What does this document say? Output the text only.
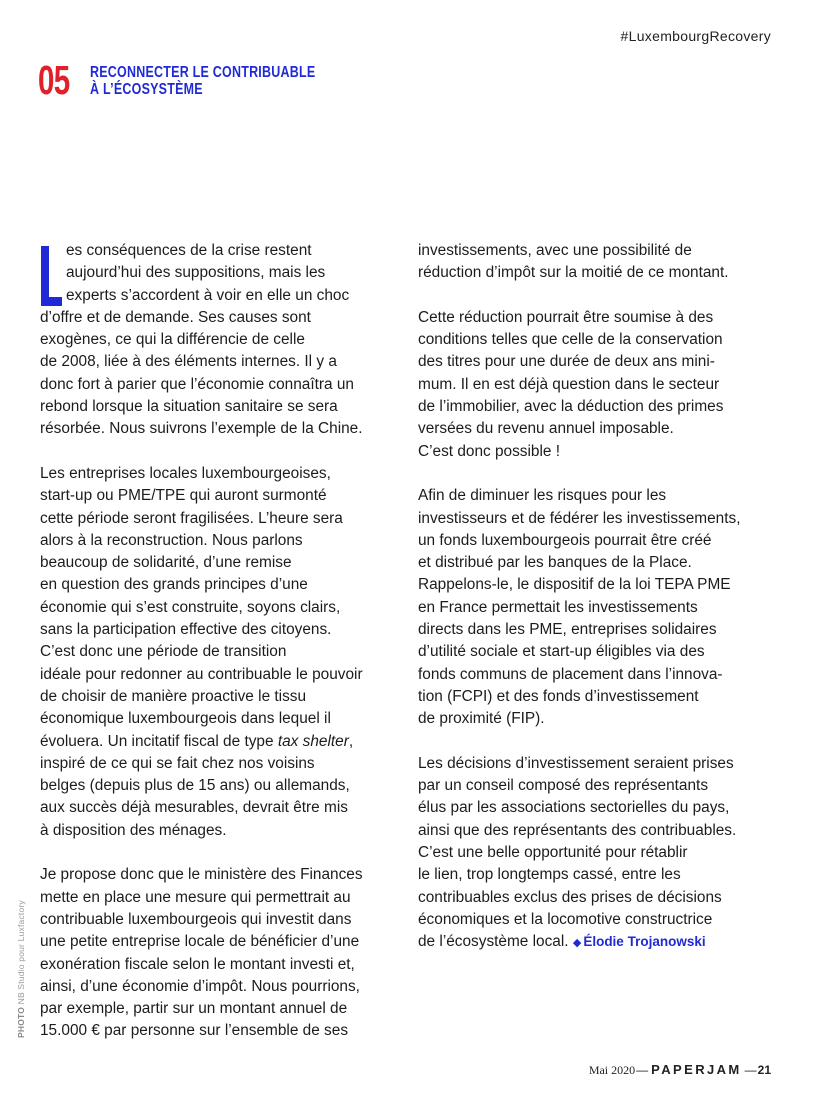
#LuxembourgRecovery
05 RECONNECTER LE CONTRIBUABLE
À L’ÉCOSYSTÈME

es conséquences de la crise restent
aujourd’hui des suppositions, mais les
experts s’accordent à voir en elle un choc
d’offre et de demande. Ses causes sont
exogènes, ce qui la différencie de celle
de 2008, liée à des éléments internes. Il y a
donc fort à parier que l’économie connaîtra un
rebond lorsque la situation sanitaire se sera
résorbée. Nous suivrons l’exemple de la Chine.

Les entreprises locales luxembourgeoises,
start-up ou PME/TPE qui auront surmonté
cette période seront fragilisées. L’heure sera
alors à la reconstruction. Nous parlons
beaucoup de solidarité, d’une remise
en question des grands principes d’une
économie qui s’est construite, soyons clairs,
sans la participation effective des citoyens.
C’est donc une période de transition
idéale pour redonner au contribuable le pouvoir
de choisir de manière proactive le tissu
économique luxembourgeois dans lequel il
évoluera. Un incitatif fiscal de type tax shelter,
inspiré de ce qui se fait chez nos voisins
belges (depuis plus de 15 ans) ou allemands,
aux succès déjà mesurables, devrait être mis
à disposition des ménages.

Je propose donc que le ministère des Finances
mette en place une mesure qui permettrait au
contribuable luxembourgeois qui investit dans
une petite entreprise locale de bénéficier d’une
exonération fiscale selon le montant investi et,
ainsi, d’une économie d’impôt. Nous pourrions,
par exemple, partir sur un montant annuel de
15.000 € par personne sur l’ensemble de ses

investissements, avec une possibilité de
réduction d’impôt sur la moitié de ce montant.

Cette réduction pourrait être soumise à des
conditions telles que celle de la conservation
des titres pour une durée de deux ans mini-
mum. Il en est déjà question dans le secteur
de l’immobilier, avec la déduction des primes
versées du revenu annuel imposable.
C’est donc possible !

Afin de diminuer les risques pour les
investisseurs et de fédérer les investissements,
un fonds luxembourgeois pourrait être créé
et distribué par les banques de la Place.
Rappelons-le, le dispositif de la loi TEPA PME
en France permettait les investissements
directs dans les PME, entreprises solidaires
d’utilité sociale et start-up éligibles via des
fonds communs de placement dans l’innova-
tion (FCPI) et des fonds d’investissement
de proximité (FIP).

Les décisions d’investissement seraient prises
par un conseil composé des représentants
élus par les associations sectorielles du pays,
ainsi que des représentants des contribuables.
C’est une belle opportunité pour rétablir
le lien, trop longtemps cassé, entre les
contribuables exclus des prises de décisions
économiques et la locomotive constructrice
de l’écosystème local. ◆ Élodie Trojanowski

PHOTO NB Studio pour Luxfactory
Mai 2020 — PAPERJAM — 21
